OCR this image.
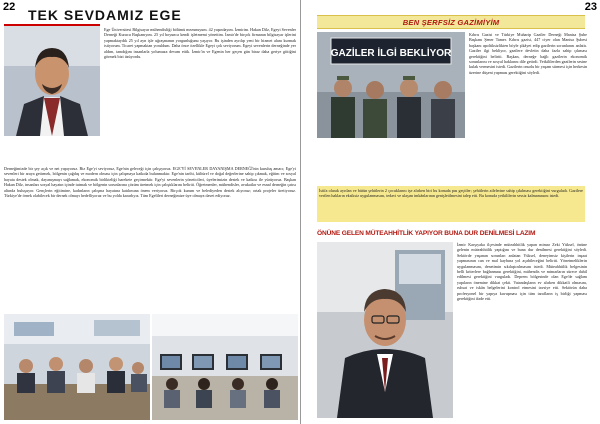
22 TEK SEVDAMIZ EGE
Ege Üniversitesi Bilgisayar mühendisliği bölümü mezunuyum. 42 yaşındayım. İzmirim. Hakan Dilz, Egeyi Sevenler Derneği Kurucu Başkanıyım. 25 yıl boyunca kendi işletmemi yönettim. İzmir'de birçok firmanın bilgisayar işlerini yapmaktaydık 25 yıl ayn işle uğraşmanın yorgunluğunu yaşıyor. Bu işinden ayrılıp yeni bir hizmet alanı kurmak istiyorum. Ticaret yapmaktan yoruldum. Daha önce özellikle Egeyi çok seviyorum. Egeyi sevenlerin derneğinde yer aldım, tanıdığım insanlarla yolumuza devam ettik. İzmir'in ve Egenin her geçen gün biraz daha geriye gittiğini görmek bizi üzüyordu.
Derneğimizde bir şey açık ve net yapıyoruz. Biz Ege'yi seviyoruz, Ege'nin geleceği için çalışıyoruz. EGE'Yİ SEVENLER DAYANIŞMA DERNEĞİ'nin kuruluş amacı; Ege'yi sevenleri bir araya getirmek, bölgenin çağdaş ve modern olması için çalışmaya katkıda bulunmaktır. Ege'nin tarihi, kültürel ve doğal değerlerine sahip çıkmak, eğitim ve sosyal hayata destek olmak, dayanışmayı sağlamak, ekonomik birlikteliği harekete geçirmektir. Ege'yi sevenlerin yöneticileri, üyelerimizin destek ve katkısı ile yürüyoruz. Başkan Hakan Dilz, insanları sosyal hayatın içinde tutmak ve bölgenin sorunlarına çözüm üretmek için çalıştıklarını belirtti. Öğretmenler, mühendisler, avukatlar ve esnaf derneğin çatısı altında buluşuyor. Gençlerin eğitimine, kadınların çalışma hayatına katılımına önem veriyoruz. Birçok kurum ve belediyeden destek alıyoruz; ortak projeler üretiyoruz. Türkiye'de örnek olabilecek bir dernek olmayı hedefliyoruz ve bu yolda kararlıyız. Tüm Egelileri derneğimize üye olmaya davet ediyoruz.
23
BEN ŞERFSİZ GAZİMİYİM
GAZİLER İLGİ BEKLİYOR
Kıbrıs Gazisi ve Türkiye Muharip Gaziler Derneği Manisa Şube Başkanı Şener Tamer. Kıbrıs gazisi, 447 ciyer olan Manisa Şubesi başkanı apoltiksizlikten böyle şikâyet edip gazilerin sorunlarını anlattı. Gaziler ilgi bekliyor, gazilere devletin daha fazla sahip çıkması gerektiğini belirtti. Başkan, derneğe bağlı gazilerin ekonomik sorunlarını ve sosyal haklarını dile getirdi. Yetkililerden gazilerin sesine kulak vermesini istedi. Gazilerin onurlu bir yaşam sürmesi için herkesin üzerine düşeni yapması gerektiğini söyledi.
İstifa olarak ayrılan ve bütün şehitlerin 2 çocuklarını işe alırken biri bu konuda pas geçtiler; şehitlerin ailelerine sahip çıkılması gerektiğini vurguladı. Gazilere verilen hakların eksiksiz uygulanmasını, tedavi ve ulaşım imkânlarının genişletilmesini talep etti. Bu konuda yetkililerin sessiz kalmamasını istedi.
ÖNÜNE GELEN MÜTEAHHİTLİK YAPIYOR BUNA DUR DENİLMESİ LAZIM
İzmir Karşıyaka ilçesinde müteahhitlik yapan mimar Zeki Yüksel, önüne gelenin müteahhitlik yaptığını ve buna dur denilmesi gerektiğini söyledi. Sektörde yaşanan sorunları anlatan Yüksel, deneyimsiz kişilerin inşaat yapmasının can ve mal kaybına yol açabileceğini belirtti. Yönetmeliklerin uygulanmasını, denetimin sıkılaştırılmasını istedi. Müteahhitlik belgesinin belli kriterlere bağlanması gerektiğini, mühendis ve mimarların sürece dahil edilmesi gerektiğini vurguladı. Deprem bölgesinde olan Ege'de sağlam yapıların önemine dikkat çekti. Vatandaşların ev alırken dikkatli olmasını, ruhsat ve iskân belgelerini kontrol etmesini tavsiye etti. Sektörün daha profesyonel bir yapıya kavuşması için tüm tarafların iş birliği yapması gerektiğini ifade etti.
